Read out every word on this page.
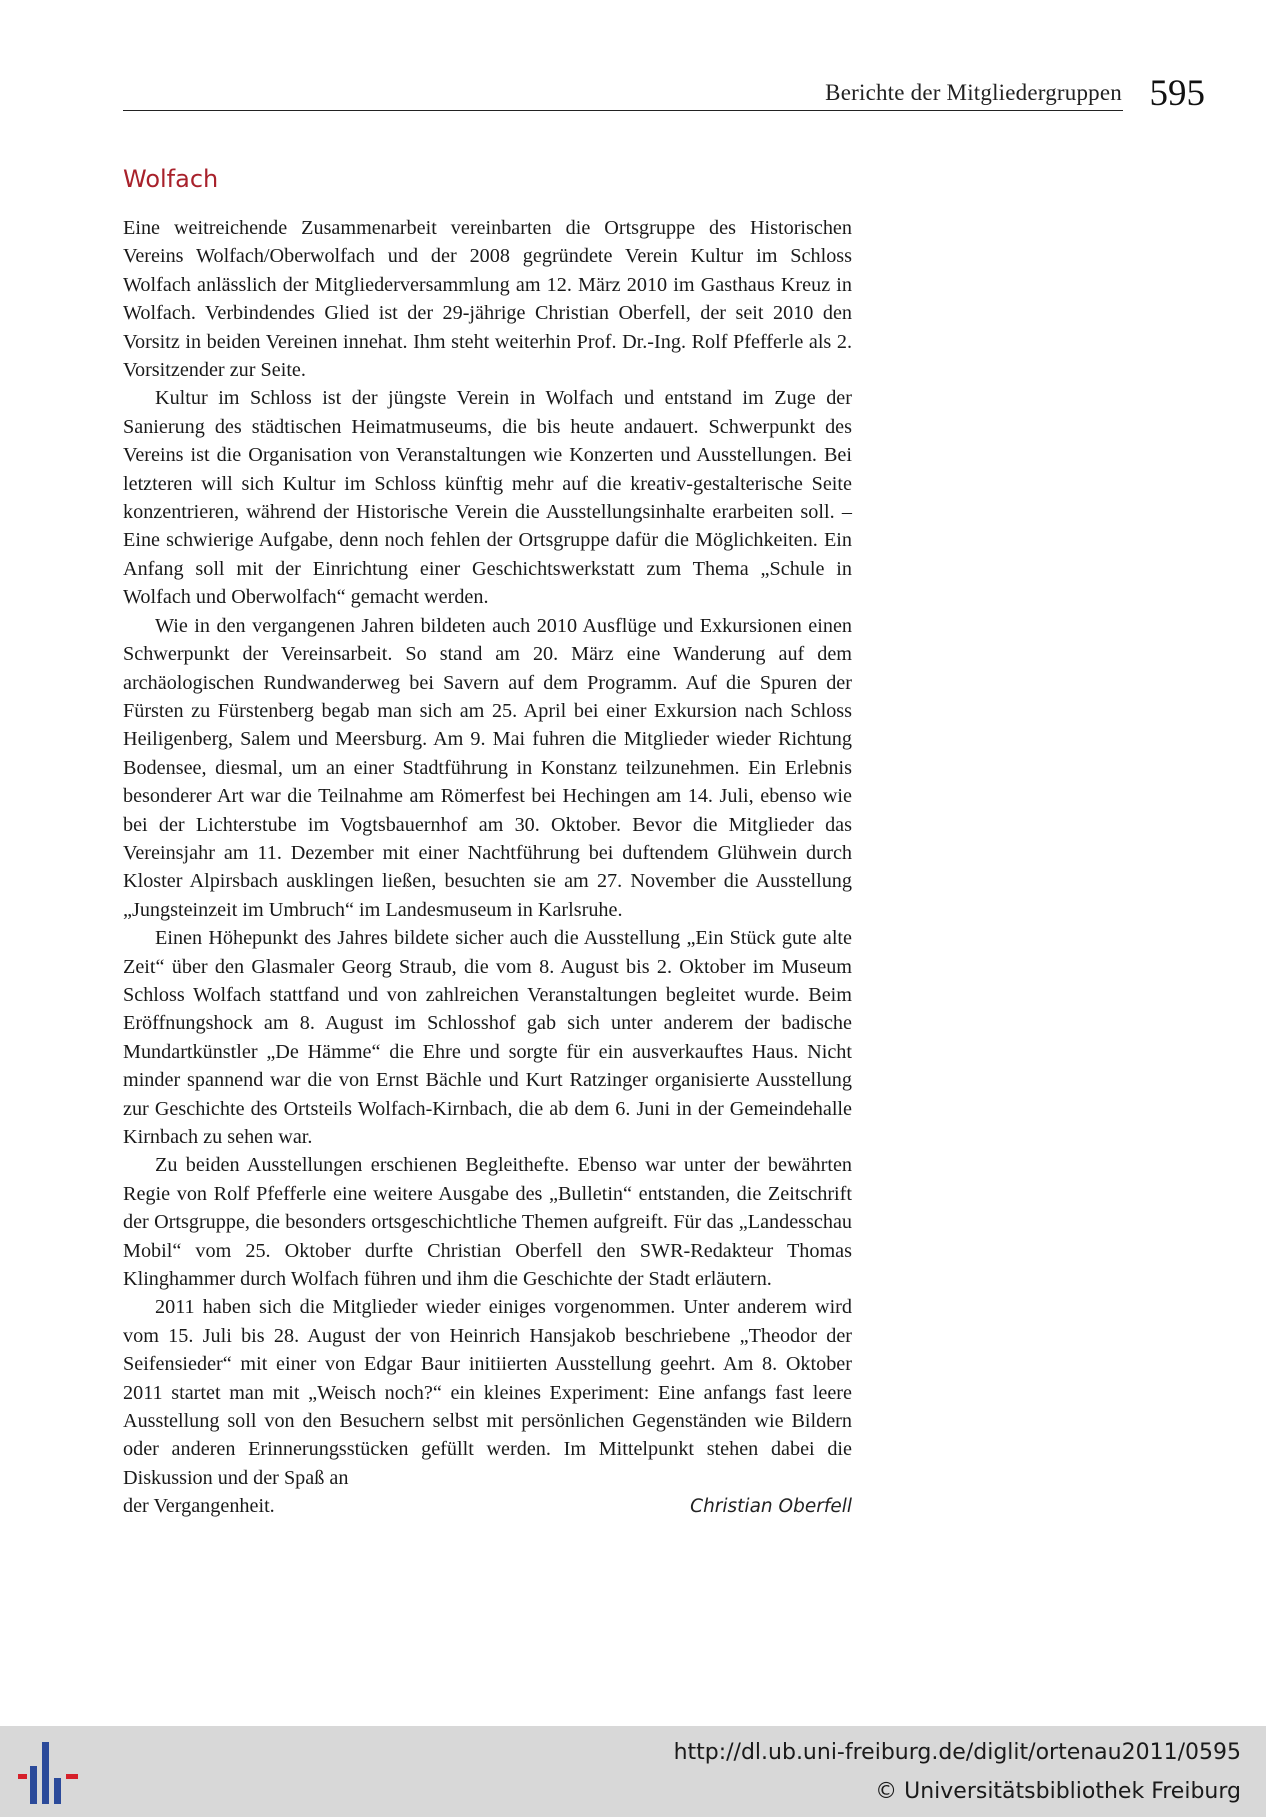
Berichte der Mitgliedergruppen 595
Wolfach

Eine weitreichende Zusammenarbeit vereinbarten die Ortsgruppe des Historischen Vereins Wolfach/Oberwolfach und der 2008 gegründete Verein Kultur im Schloss Wolfach anlässlich der Mitgliederversammlung am 12. März 2010 im Gasthaus Kreuz in Wolfach. Verbindendes Glied ist der 29-jährige Christian Oberfell, der seit 2010 den Vorsitz in beiden Vereinen innehat. Ihm steht weiterhin Prof. Dr.-Ing. Rolf Pfefferle als 2. Vorsitzender zur Seite.

Kultur im Schloss ist der jüngste Verein in Wolfach und entstand im Zuge der Sanierung des städtischen Heimatmuseums, die bis heute andauert. Schwerpunkt des Vereins ist die Organisation von Veranstaltungen wie Konzerten und Ausstellungen. Bei letzteren will sich Kultur im Schloss künftig mehr auf die kreativ-gestalterische Seite konzentrieren, während der Historische Verein die Ausstellungsinhalte erarbeiten soll. – Eine schwierige Aufgabe, denn noch fehlen der Ortsgruppe dafür die Möglichkeiten. Ein Anfang soll mit der Einrichtung einer Geschichtswerkstatt zum Thema „Schule in Wolfach und Oberwolfach“ gemacht werden.

Wie in den vergangenen Jahren bildeten auch 2010 Ausflüge und Exkursionen einen Schwerpunkt der Vereinsarbeit. So stand am 20. März eine Wanderung auf dem archäologischen Rundwanderweg bei Savern auf dem Programm. Auf die Spuren der Fürsten zu Fürstenberg begab man sich am 25. April bei einer Exkursion nach Schloss Heiligenberg, Salem und Meersburg. Am 9. Mai fuhren die Mitglieder wieder Richtung Bodensee, diesmal, um an einer Stadtführung in Konstanz teilzunehmen. Ein Erlebnis besonderer Art war die Teilnahme am Römerfest bei Hechingen am 14. Juli, ebenso wie bei der Lichterstube im Vogtsbauernhof am 30. Oktober. Bevor die Mitglieder das Vereinsjahr am 11. Dezember mit einer Nachtführung bei duftendem Glühwein durch Kloster Alpirsbach ausklingen ließen, besuchten sie am 27. November die Ausstellung „Jungsteinzeit im Umbruch“ im Landesmuseum in Karlsruhe.

Einen Höhepunkt des Jahres bildete sicher auch die Ausstellung „Ein Stück gute alte Zeit“ über den Glasmaler Georg Straub, die vom 8. August bis 2. Oktober im Museum Schloss Wolfach stattfand und von zahlreichen Veranstaltungen begleitet wurde. Beim Eröffnungshock am 8. August im Schlosshof gab sich unter anderem der badische Mundartkünstler „De Hämme“ die Ehre und sorgte für ein ausverkauftes Haus. Nicht minder spannend war die von Ernst Bächle und Kurt Ratzinger organisierte Ausstellung zur Geschichte des Ortsteils Wolfach-Kirnbach, die ab dem 6. Juni in der Gemeindehalle Kirnbach zu sehen war.

Zu beiden Ausstellungen erschienen Begleithefte. Ebenso war unter der bewährten Regie von Rolf Pfefferle eine weitere Ausgabe des „Bulletin“ entstanden, die Zeitschrift der Ortsgruppe, die besonders ortsgeschichtliche Themen aufgreift. Für das „Landesschau Mobil“ vom 25. Oktober durfte Christian Oberfell den SWR-Redakteur Thomas Klinghammer durch Wolfach führen und ihm die Geschichte der Stadt erläutern.

2011 haben sich die Mitglieder wieder einiges vorgenommen. Unter anderem wird vom 15. Juli bis 28. August der von Heinrich Hansjakob beschriebene „Theodor der Seifensieder“ mit einer von Edgar Baur initiierten Ausstellung geehrt. Am 8. Oktober 2011 startet man mit „Weisch noch?“ ein kleines Experiment: Eine anfangs fast leere Ausstellung soll von den Besuchern selbst mit persönlichen Gegenständen wie Bildern oder anderen Erinnerungsstücken gefüllt werden. Im Mittelpunkt stehen dabei die Diskussion und der Spaß an

der Vergangenheit.	Christian Oberfell
http://dl.ub.uni-freiburg.de/diglit/ortenau2011/0595
© Universitätsbibliothek Freiburg
